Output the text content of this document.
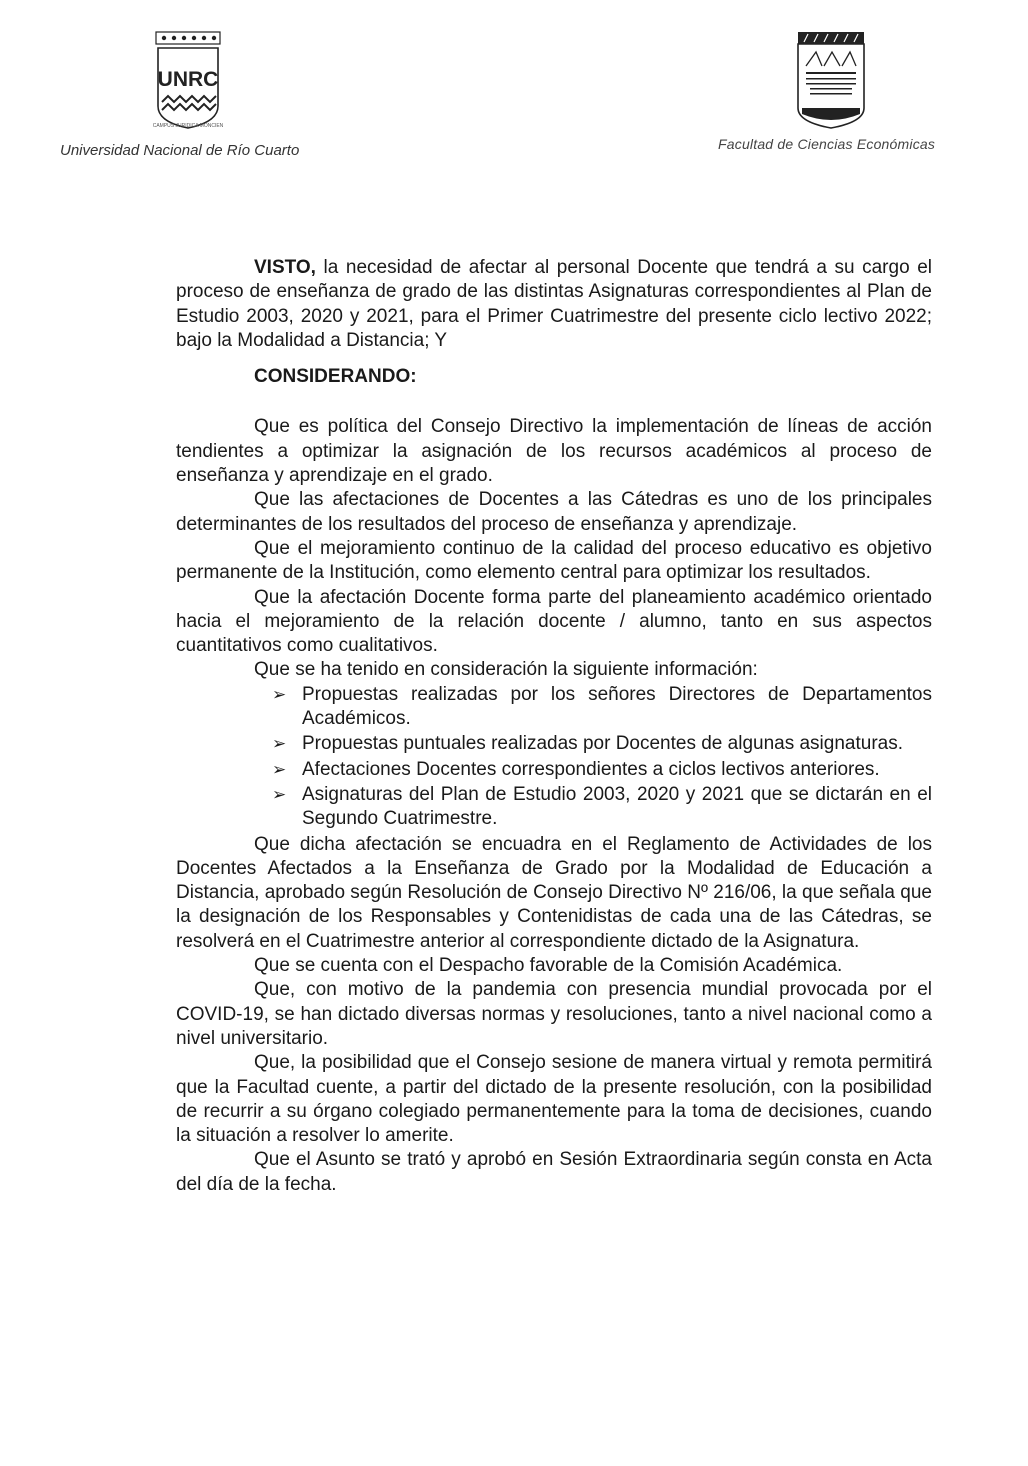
UNRC
CAMPUS JURIDICA MONCIEN
Universidad Nacional de Río Cuarto	Facultad de Ciencias Económicas

VISTO, la necesidad de afectar al personal Docente que tendrá a su cargo el proceso de enseñanza de grado de las distintas Asignaturas correspondientes al Plan de Estudio 2003, 2020 y 2021, para el Primer Cuatrimestre del presente ciclo lectivo 2022; bajo la Modalidad a Distancia; Y

CONSIDERANDO:

Que es política del Consejo Directivo la implementación de líneas de acción tendientes a optimizar la asignación de los recursos académicos al proceso de enseñanza y aprendizaje en el grado.

Que las afectaciones de Docentes a las Cátedras es uno de los principales determinantes de los resultados del proceso de enseñanza y aprendizaje.

Que el mejoramiento continuo de la calidad del proceso educativo es objetivo permanente de la Institución, como elemento central para optimizar los resultados.

Que la afectación Docente forma parte del planeamiento académico orientado hacia el mejoramiento de la relación docente / alumno, tanto en sus aspectos cuantitativos como cualitativos.

Que se ha tenido en consideración la siguiente información:

➢ Propuestas realizadas por los señores Directores de Departamentos Académicos.
➢ Propuestas puntuales realizadas por Docentes de algunas asignaturas.
➢ Afectaciones Docentes correspondientes a ciclos lectivos anteriores.
➢ Asignaturas del Plan de Estudio 2003, 2020 y 2021 que se dictarán en el Segundo Cuatrimestre.

Que dicha afectación se encuadra en el Reglamento de Actividades de los Docentes Afectados a la Enseñanza de Grado por la Modalidad de Educación a Distancia, aprobado según Resolución de Consejo Directivo Nº 216/06, la que señala que la designación de los Responsables y Contenidistas de cada una de las Cátedras, se resolverá en el Cuatrimestre anterior al correspondiente dictado de la Asignatura.

Que se cuenta con el Despacho favorable de la Comisión Académica.

Que, con motivo de la pandemia con presencia mundial provocada por el COVID-19, se han dictado diversas normas y resoluciones, tanto a nivel nacional como a nivel universitario.

Que, la posibilidad que el Consejo sesione de manera virtual y remota permitirá que la Facultad cuente, a partir del dictado de la presente resolución, con la posibilidad de recurrir a su órgano colegiado permanentemente para la toma de decisiones, cuando la situación a resolver lo amerite.

Que el Asunto se trató y aprobó en Sesión Extraordinaria según consta en Acta del día de la fecha.
